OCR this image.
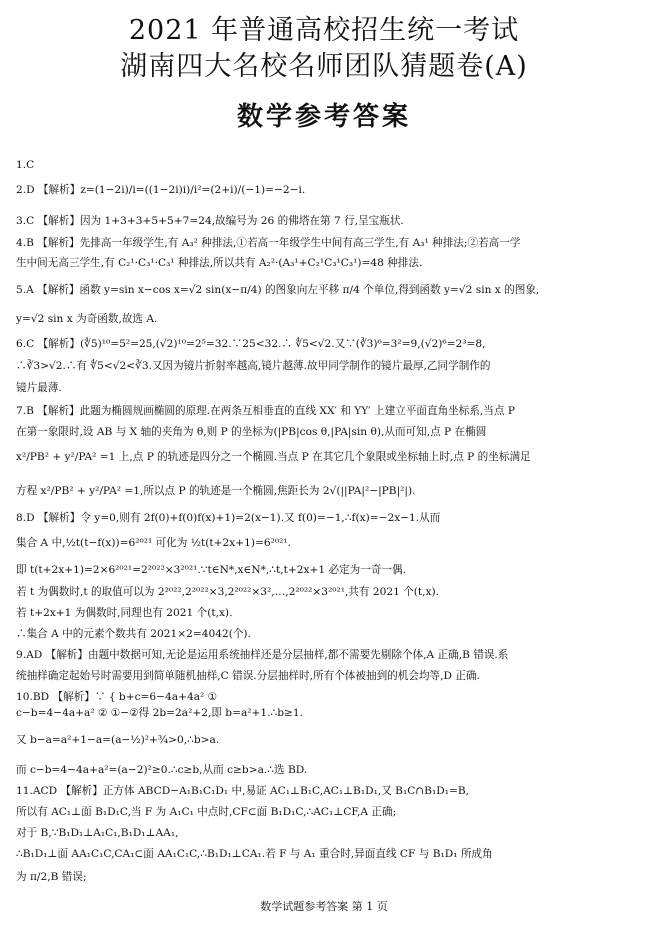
2021 年普通高校招生统一考试
湖南四大名校名师团队猜题卷(A)
数学参考答案
1.C
2.D 【解析】z=(1−2i)/i=((1−2i)i)/i²=(2+i)/(−1)=−2−i.
3.C 【解析】因为 1+3+3+5+5+7=24,故编号为 26 的佛塔在第 7 行,呈宝瓶状.
4.B 【解析】先排高一年级学生,有 A₃² 种排法,①若高一年级学生中间有高三学生,有 A₃¹ 种排法;②若高一学
生中间无高三学生,有 C₂¹·C₃¹·C₃¹ 种排法,所以共有 A₂²·(A₃¹+C₂¹C₃¹C₃¹)=48 种排法.
5.A 【解析】函数 y=sin x−cos x=√2 sin(x−π/4) 的图象向左平移 π/4 个单位,得到函数 y=√2 sin x 的图象,
y=√2 sin x 为奇函数,故选 A.
6.C 【解析】(∜5)¹⁰=5²=25,(√2)¹⁰=2⁵=32.∵25<32.∴ ∜5<√2.又∵(∛3)⁶=3²=9,(√2)⁶=2³=8,
∴∛3>√2.∴有 ∜5<√2<∛3.又因为镜片折射率越高,镜片越薄.故甲同学制作的镜片最厚,乙同学制作的
镜片最薄.
7.B 【解析】此题为椭圆规画椭圆的原理.在两条互相垂直的直线 XX′ 和 YY′ 上建立平面直角坐标系,当点 P
在第一象限时,设 AB 与 X 轴的夹角为 θ,则 P 的坐标为(|PB|cos θ,|PA|sin θ),从而可知,点 P 在椭圆
x²/PB² + y²/PA² =1 上,点 P 的轨迹是四分之一个椭圆.当点 P 在其它几个象限或坐标轴上时,点 P 的坐标满足
方程 x²/PB² + y²/PA² =1,所以点 P 的轨迹是一个椭圆,焦距长为 2√(||PA|²−|PB|²|).
8.D 【解析】令 y=0,则有 2f(0)+f(0)f(x)+1)=2(x−1).又 f(0)=−1,∴f(x)=−2x−1.从而
集合 A 中,½t(t−f(x))=6²⁰²¹ 可化为 ½t(t+2x+1)=6²⁰²¹.
即 t(t+2x+1)=2×6²⁰²¹=2²⁰²²×3²⁰²¹.∵t∈N*,x∈N*,∴t,t+2x+1 必定为一奇一偶.
若 t 为偶数时,t 的取值可以为 2²⁰²²,2²⁰²²×3,2²⁰²²×3²,…,2²⁰²²×3²⁰²¹,共有 2021 个(t,x).
若 t+2x+1 为偶数时,同理也有 2021 个(t,x).
∴集合 A 中的元素个数共有 2021×2=4042(个).
9.AD 【解析】由题中数据可知,无论是运用系统抽样还是分层抽样,都不需要先剔除个体,A 正确,B 错误.系
统抽样确定起始号时需要用到简单随机抽样,C 错误.分层抽样时,所有个体被抽到的机会均等,D 正确.
10.BD 【解析】∵ { b+c=6−4a+4a² ①
c−b=4−4a+a² ② ①−②得 2b=2a²+2,即 b=a²+1.∴b≥1.
又 b−a=a²+1−a=(a−½)²+¾>0,∴b>a.
而 c−b=4−4a+a²=(a−2)²≥0.∴c≥b,从而 c≥b>a.∴选 BD.
11.ACD 【解析】正方体 ABCD−A₁B₁C₁D₁ 中,易证 AC₁⊥B₁C,AC₁⊥B₁D₁,又 B₁C∩B₁D₁=B,
所以有 AC₁⊥面 B₁D₁C,当 F 为 A₁C₁ 中点时,CF⊂面 B₁D₁C,∴AC₁⊥CF,A 正确;
对于 B,∵B₁D₁⊥A₁C₁,B₁D₁⊥AA₁,
∴B₁D₁⊥面 AA₁C₁C,CA₁⊂面 AA₁C₁C,∴B₁D₁⊥CA₁.若 F 与 A₁ 重合时,异面直线 CF 与 B₁D₁ 所成角
为 π/2,B 错误;
数学试题参考答案 第 1 页
